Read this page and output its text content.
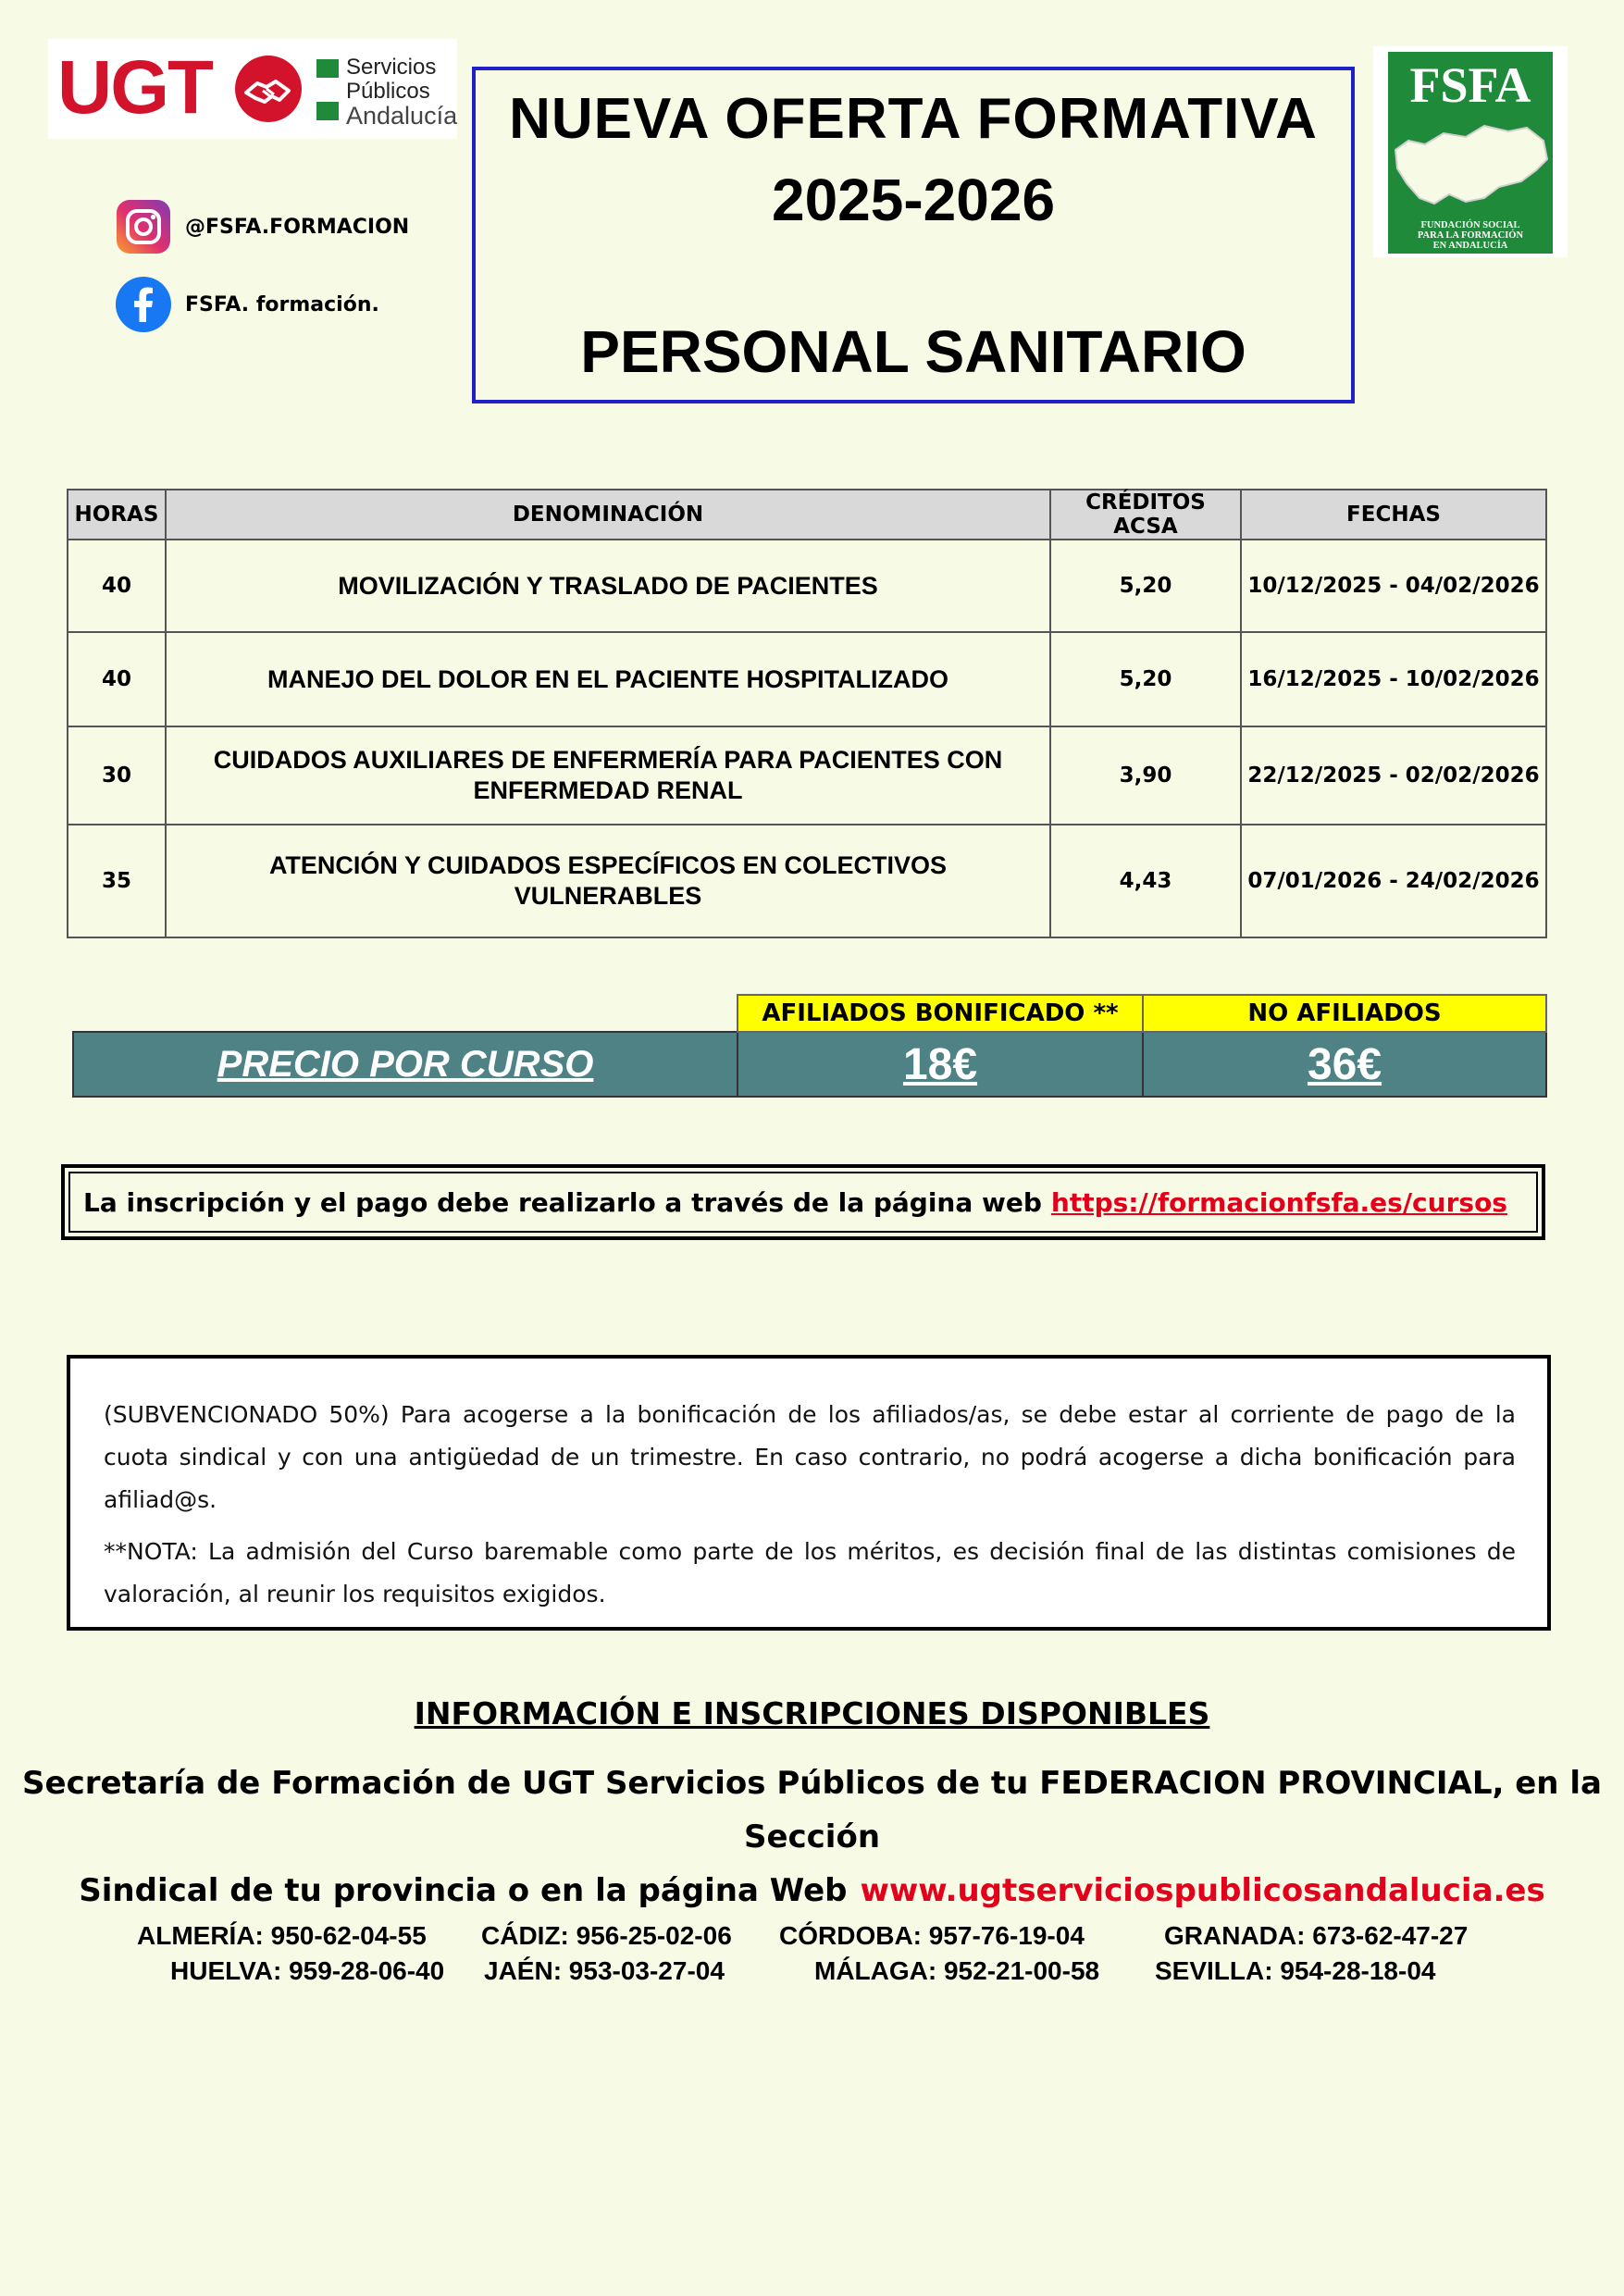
UGT	Servicios
Públicos
Andalucía NUEVA OFERTA FORMATIVA
2025-2026
PERSONAL SANITARIO
FSFA
FUNDACIÓN SOCIAL
PARA LA FORMACIÓN
EN ANDALUCÍA
@FSFA.FORMACION
FSFA. formación.
HORAS	DENOMINACIÓN	CRÉDITOS ACSA	FECHAS
40	MOVILIZACIÓN Y TRASLADO DE PACIENTES	5,20	10/12/2025 - 04/02/2026
40	MANEJO DEL DOLOR EN EL PACIENTE HOSPITALIZADO	5,20	16/12/2025 - 10/02/2026
30	CUIDADOS AUXILIARES DE ENFERMERÍA PARA PACIENTES CON ENFERMEDAD RENAL	3,90	22/12/2025 - 02/02/2026
35	ATENCIÓN Y CUIDADOS ESPECÍFICOS EN COLECTIVOS VULNERABLES	4,43	07/01/2026 - 24/02/2026
	AFILIADOS BONIFICADO **	NO AFILIADOS
PRECIO POR CURSO	18€	36€
La inscripción y el pago debe realizarlo a través de la página web https://formacionfsfa.es/cursos

(SUBVENCIONADO 50%) Para acogerse a la bonificación de los afiliados/as, se debe estar al corriente de pago de la cuota sindical y con una antigüedad de un trimestre. En caso contrario, no podrá acogerse a dicha bonificación para afiliad@s.

**NOTA: La admisión del Curso baremable como parte de los méritos, es decisión final de las distintas comisiones de valoración, al reunir los requisitos exigidos.

INFORMACIÓN E INSCRIPCIONES DISPONIBLES
Secretaría de Formación de UGT Servicios Públicos de tu FEDERACION PROVINCIAL, en la Sección
Sindical de tu provincia o en la página Web www.ugtserviciospublicosandalucia.es
ALMERÍA: 950-62-04-55 CÁDIZ: 956-25-02-06 CÓRDOBA: 957-76-19-04	GRANADA: 673-62-47-27
HUELVA: 959-28-06-40 JAÉN: 953-03-27-04	MÁLAGA: 952-21-00-58 SEVILLA: 954-28-18-04
